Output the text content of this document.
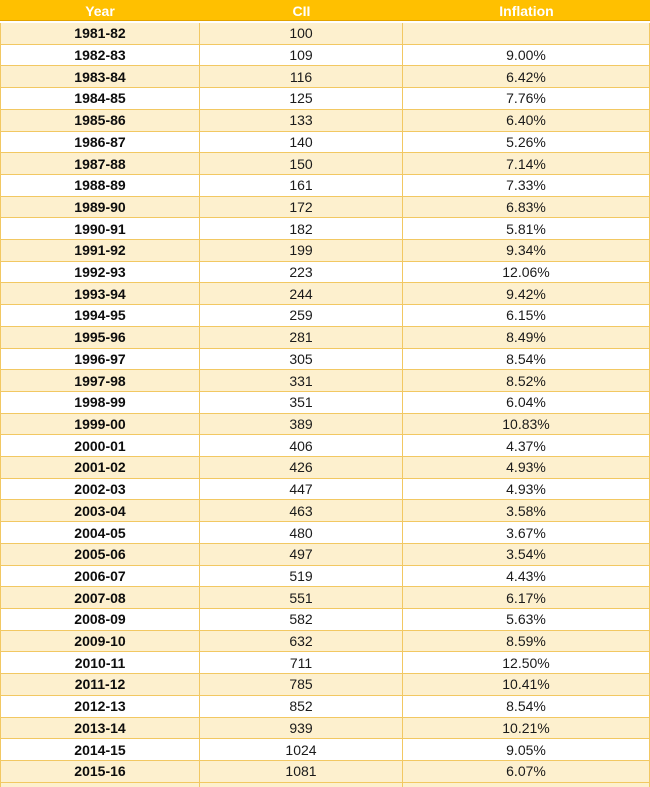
Year	CII	Inflation
1981-82	100	
1982-83	109	9.00%
1983-84	116	6.42%
1984-85	125	7.76%
1985-86	133	6.40%
1986-87	140	5.26%
1987-88	150	7.14%
1988-89	161	7.33%
1989-90	172	6.83%
1990-91	182	5.81%
1991-92	199	9.34%
1992-93	223	12.06%
1993-94	244	9.42%
1994-95	259	6.15%
1995-96	281	8.49%
1996-97	305	8.54%
1997-98	331	8.52%
1998-99	351	6.04%
1999-00	389	10.83%
2000-01	406	4.37%
2001-02	426	4.93%
2002-03	447	4.93%
2003-04	463	3.58%
2004-05	480	3.67%
2005-06	497	3.54%
2006-07	519	4.43%
2007-08	551	6.17%
2008-09	582	5.63%
2009-10	632	8.59%
2010-11	711	12.50%
2011-12	785	10.41%
2012-13	852	8.54%
2013-14	939	10.21%
2014-15	1024	9.05%
2015-16	1081	6.07%
